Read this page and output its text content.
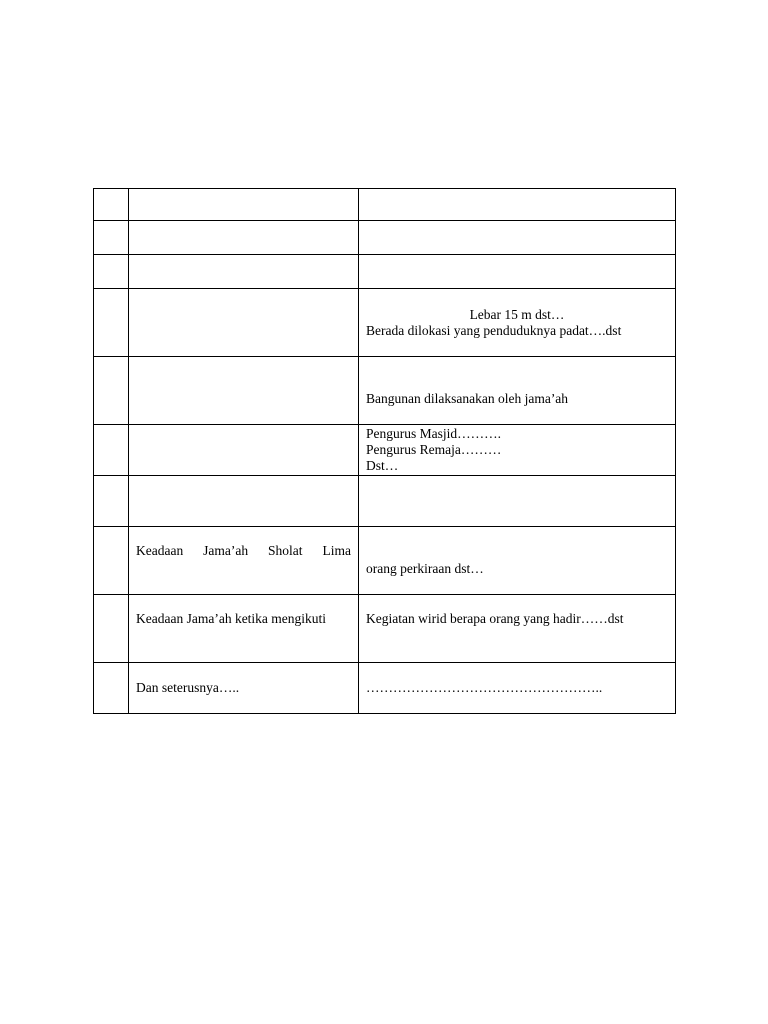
		Lebar 15 m dst…
Berada dilokasi yang penduduknya padat….dst

		Bangunan dilaksanakan oleh jama’ah

		Pengurus Masjid……….
Pengurus Remaja………
Dst…

	Keadaan Jama’ah Sholat Lima	orang perkiraan dst…

	Keadaan Jama’ah ketika mengikuti	Kegiatan wirid berapa orang yang hadir……dst

	Dan seterusnya…..	……………………………………………..
